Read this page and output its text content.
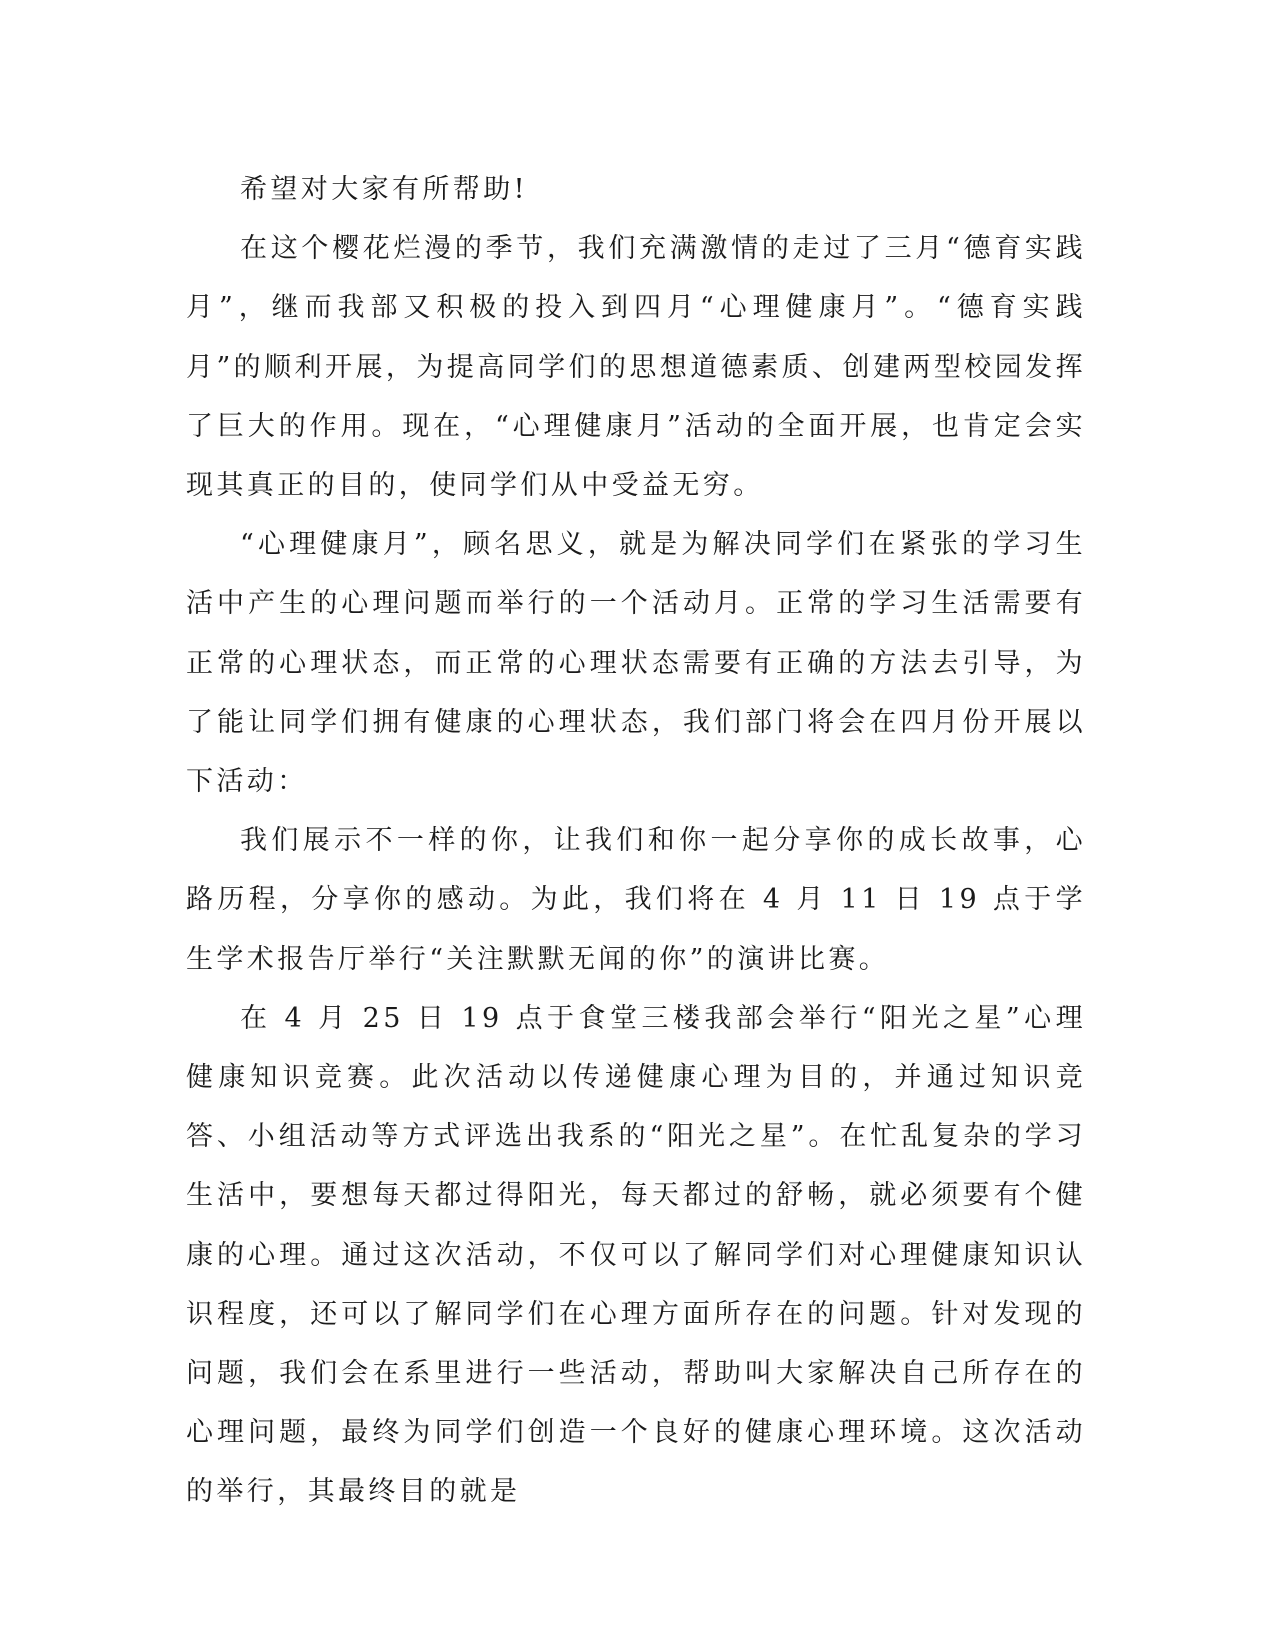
希望对大家有所帮助!

在这个樱花烂漫的季节，我们充满激情的走过了三月“德育实践月”，继而我部又积极的投入到四月“心理健康月”。“德育实践月”的顺利开展，为提高同学们的思想道德素质、创建两型校园发挥了巨大的作用。现在，“心理健康月”活动的全面开展，也肯定会实现其真正的目的，使同学们从中受益无穷。

“心理健康月”，顾名思义，就是为解决同学们在紧张的学习生活中产生的心理问题而举行的一个活动月。正常的学习生活需要有正常的心理状态，而正常的心理状态需要有正确的方法去引导，为了能让同学们拥有健康的心理状态，我们部门将会在四月份开展以下活动：

我们展示不一样的你，让我们和你一起分享你的成长故事，心路历程，分享你的感动。为此，我们将在 4 月 11 日 19 点于学生学术报告厅举行“关注默默无闻的你”的演讲比赛。

在 4 月 25 日 19 点于食堂三楼我部会举行“阳光之星”心理健康知识竞赛。此次活动以传递健康心理为目的，并通过知识竞答、小组活动等方式评选出我系的“阳光之星”。在忙乱复杂的学习生活中，要想每天都过得阳光，每天都过的舒畅，就必须要有个健康的心理。通过这次活动，不仅可以了解同学们对心理健康知识认识程度，还可以了解同学们在心理方面所存在的问题。针对发现的问题，我们会在系里进行一些活动，帮助叫大家解决自己所存在的心理问题，最终为同学们创造一个良好的健康心理环境。这次活动的举行，其最终目的就是
